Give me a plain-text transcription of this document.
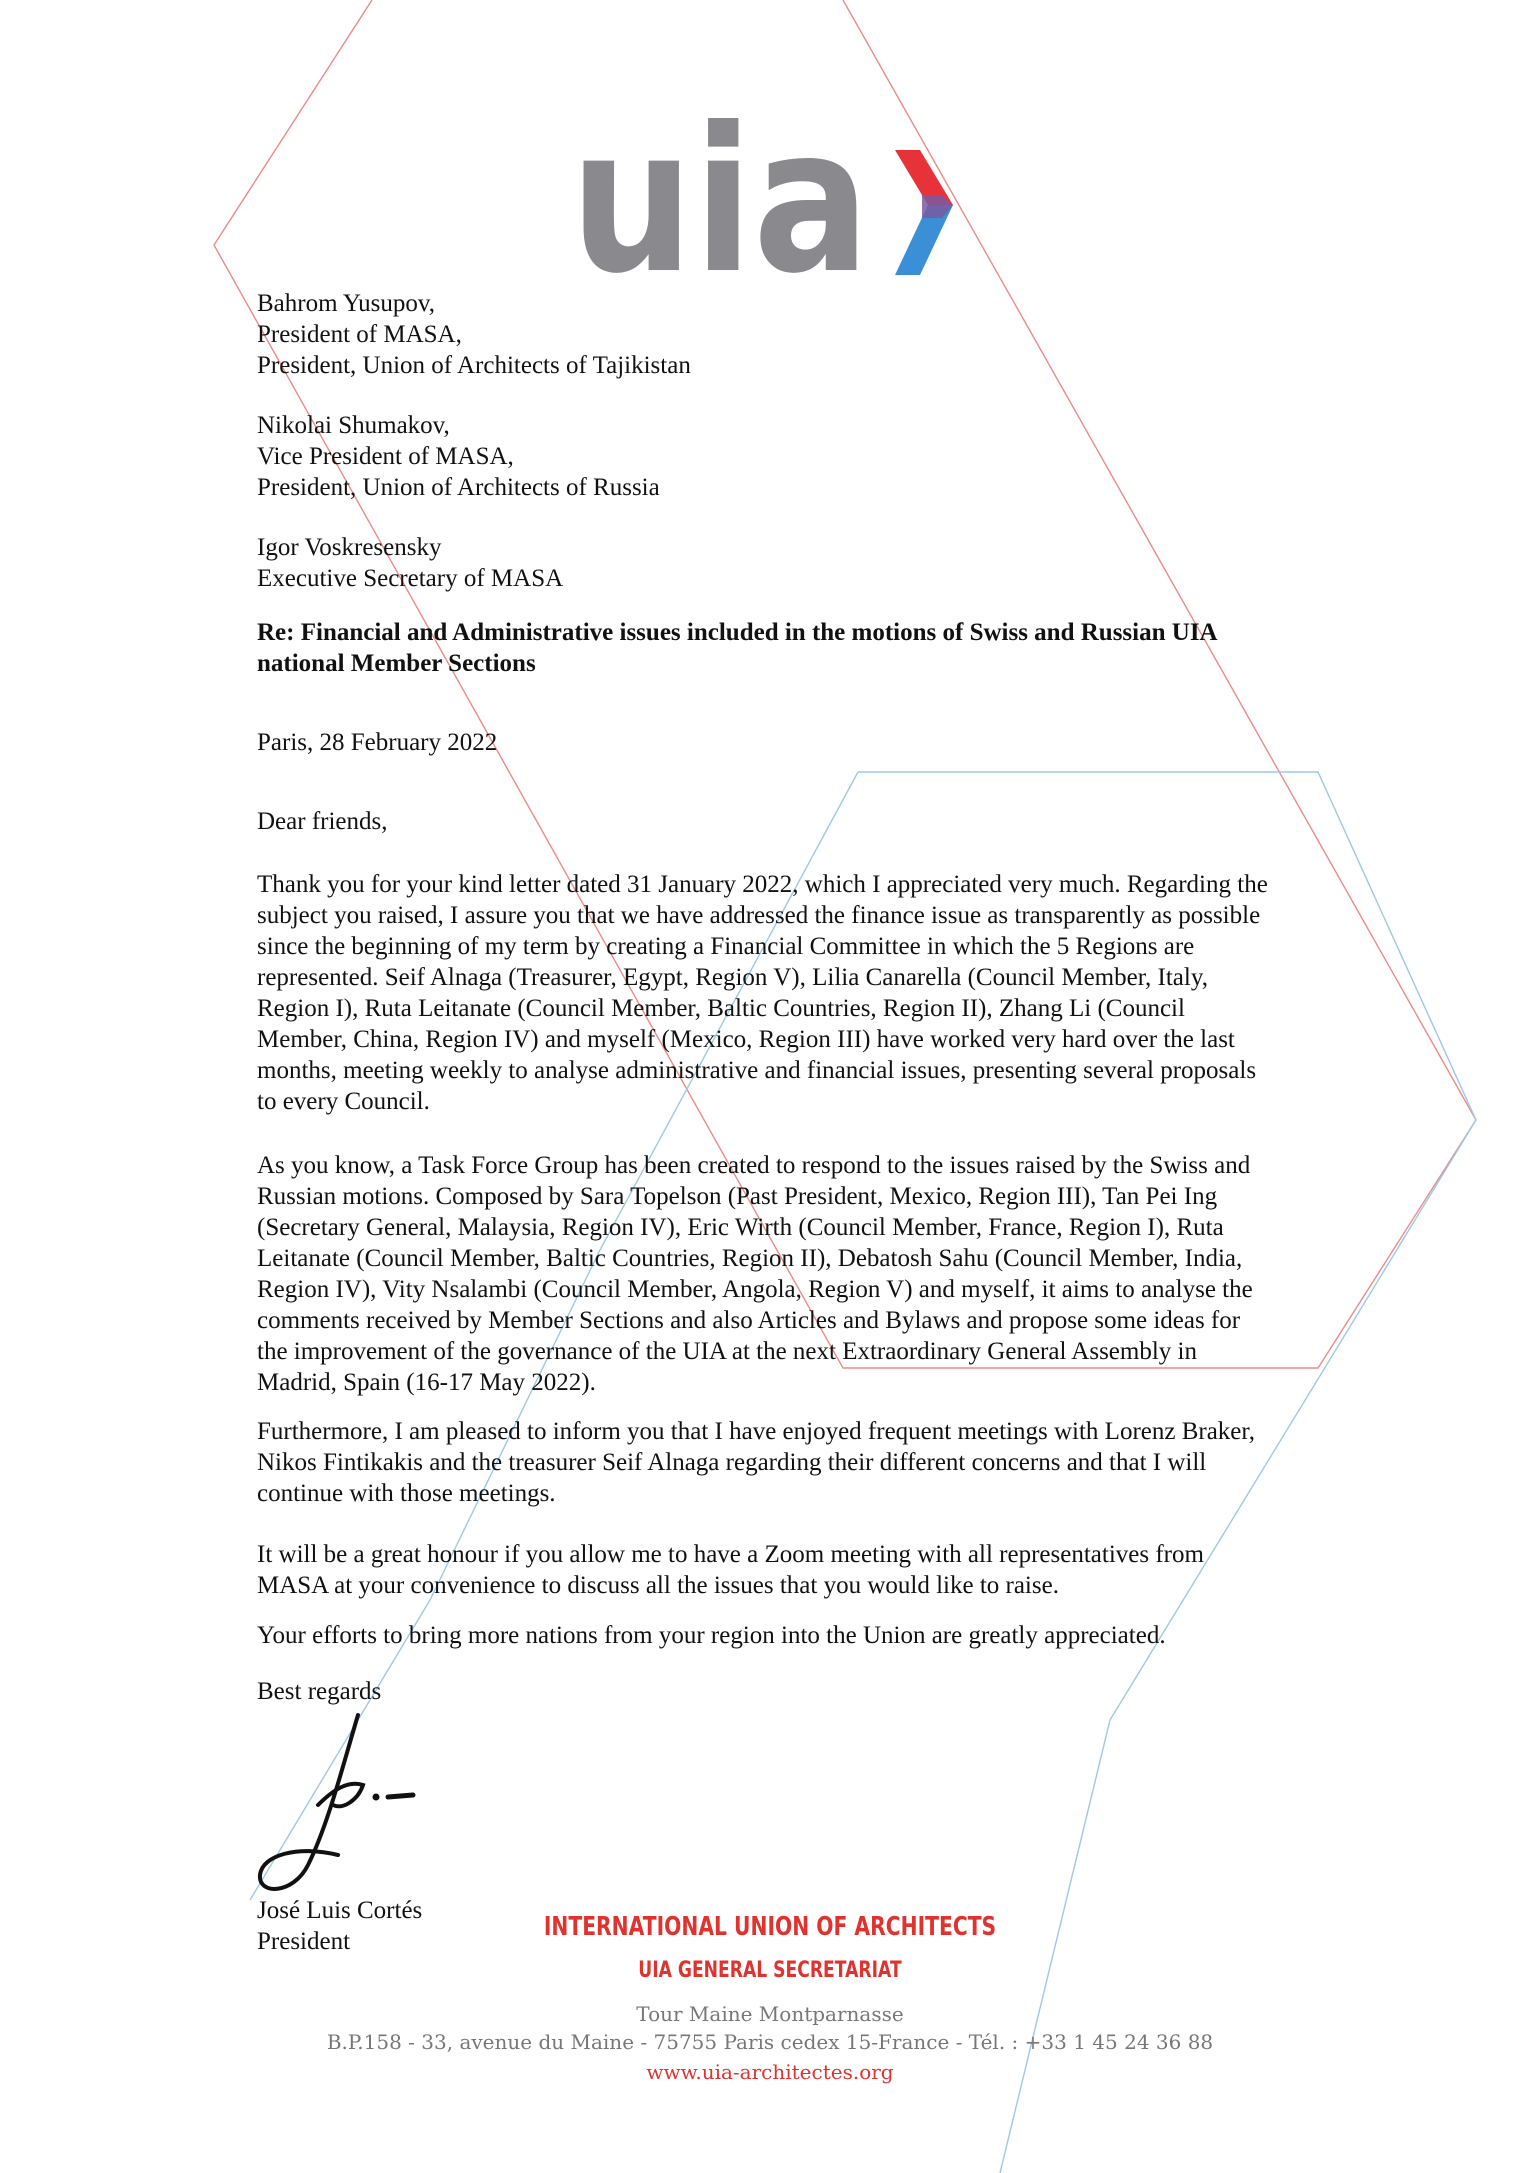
uia
Bahrom Yusupov,
President of MASA,
President, Union of Architects of Tajikistan
Nikolai Shumakov,
Vice President of MASA,
President, Union of Architects of Russia
Igor Voskresensky
Executive Secretary of MASA
Re: Financial and Administrative issues included in the motions of Swiss and Russian UIA
national Member Sections
Paris, 28 February 2022
Dear friends,
Thank you for your kind letter dated 31 January 2022, which I appreciated very much. Regarding the
subject you raised, I assure you that we have addressed the finance issue as transparently as possible
since the beginning of my term by creating a Financial Committee in which the 5 Regions are
represented. Seif Alnaga (Treasurer, Egypt, Region V), Lilia Canarella (Council Member, Italy,
Region I), Ruta Leitanate (Council Member, Baltic Countries, Region II), Zhang Li (Council
Member, China, Region IV) and myself (Mexico, Region III) have worked very hard over the last
months, meeting weekly to analyse administrative and financial issues, presenting several proposals
to every Council.
As you know, a Task Force Group has been created to respond to the issues raised by the Swiss and
Russian motions. Composed by Sara Topelson (Past President, Mexico, Region III), Tan Pei Ing
(Secretary General, Malaysia, Region IV), Eric Wirth (Council Member, France, Region I), Ruta
Leitanate (Council Member, Baltic Countries, Region II), Debatosh Sahu (Council Member, India,
Region IV), Vity Nsalambi (Council Member, Angola, Region V) and myself, it aims to analyse the
comments received by Member Sections and also Articles and Bylaws and propose some ideas for
the improvement of the governance of the UIA at the next Extraordinary General Assembly in
Madrid, Spain (16-17 May 2022).
Furthermore, I am pleased to inform you that I have enjoyed frequent meetings with Lorenz Braker,
Nikos Fintikakis and the treasurer Seif Alnaga regarding their different concerns and that I will
continue with those meetings.
It will be a great honour if you allow me to have a Zoom meeting with all representatives from
MASA at your convenience to discuss all the issues that you would like to raise.
Your efforts to bring more nations from your region into the Union are greatly appreciated.
Best regards
José Luis Cortés
President	INTERNATIONAL UNION OF ARCHITECTS
UIA GENERAL SECRETARIAT
Tour Maine Montparnasse
B.P.158 - 33, avenue du Maine - 75755 Paris cedex 15-France - Tél. : +33 1 45 24 36 88
www.uia-architectes.org
